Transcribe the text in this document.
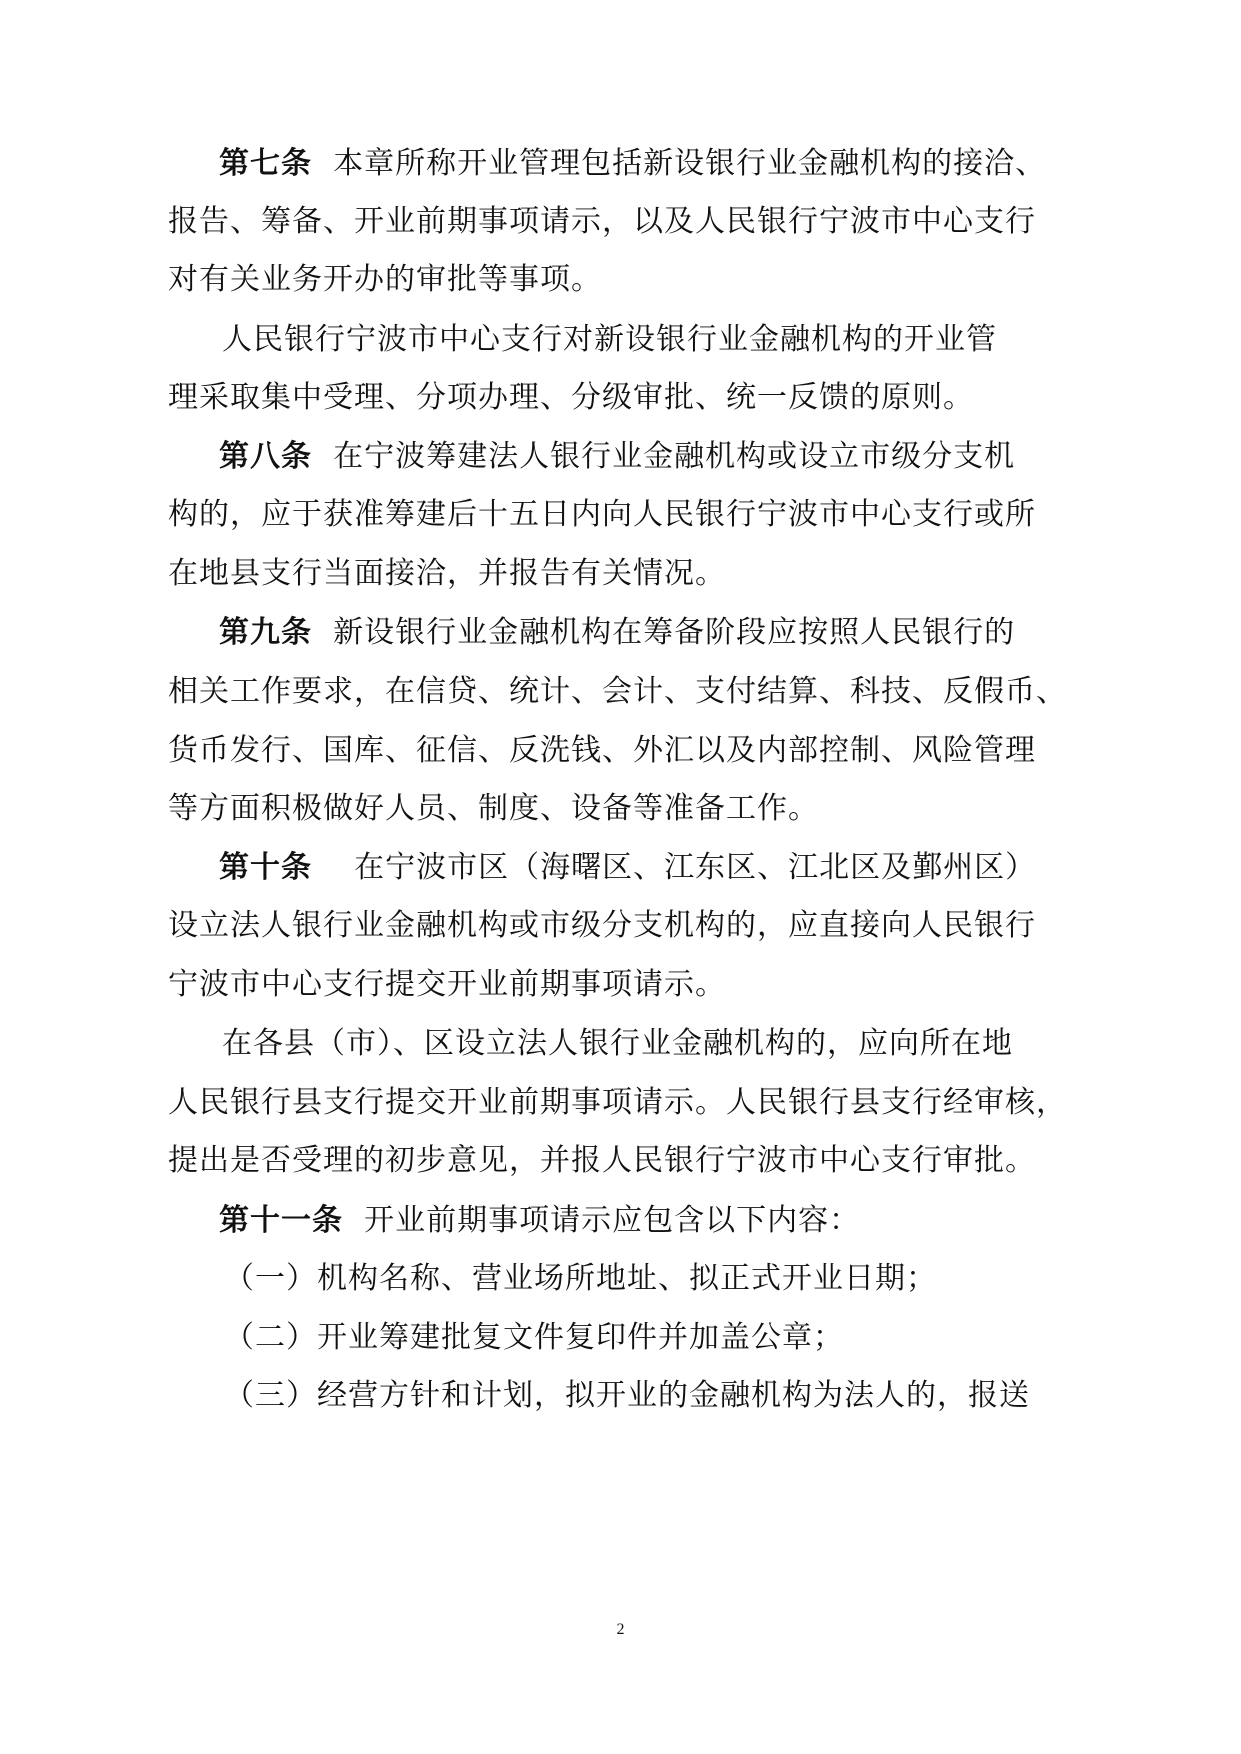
第七条 本章所称开业管理包括新设银行业金融机构的接洽、
报告、筹备、开业前期事项请示，以及人民银行宁波市中心支行
对有关业务开办的审批等事项。
人民银行宁波市中心支行对新设银行业金融机构的开业管
理采取集中受理、分项办理、分级审批、统一反馈的原则。
第八条 在宁波筹建法人银行业金融机构或设立市级分支机
构的，应于获准筹建后十五日内向人民银行宁波市中心支行或所
在地县支行当面接洽，并报告有关情况。
第九条 新设银行业金融机构在筹备阶段应按照人民银行的
相关工作要求，在信贷、统计、会计、支付结算、科技、反假币、
货币发行、国库、征信、反洗钱、外汇以及内部控制、风险管理
等方面积极做好人员、制度、设备等准备工作。
第十条 在宁波市区（海曙区、江东区、江北区及鄞州区）
设立法人银行业金融机构或市级分支机构的，应直接向人民银行
宁波市中心支行提交开业前期事项请示。
在各县（市）、区设立法人银行业金融机构的，应向所在地
人民银行县支行提交开业前期事项请示。人民银行县支行经审核，
提出是否受理的初步意见，并报人民银行宁波市中心支行审批。
第十一条 开业前期事项请示应包含以下内容：
（一）机构名称、营业场所地址、拟正式开业日期；
（二）开业筹建批复文件复印件并加盖公章；
（三）经营方针和计划，拟开业的金融机构为法人的，报送
2
